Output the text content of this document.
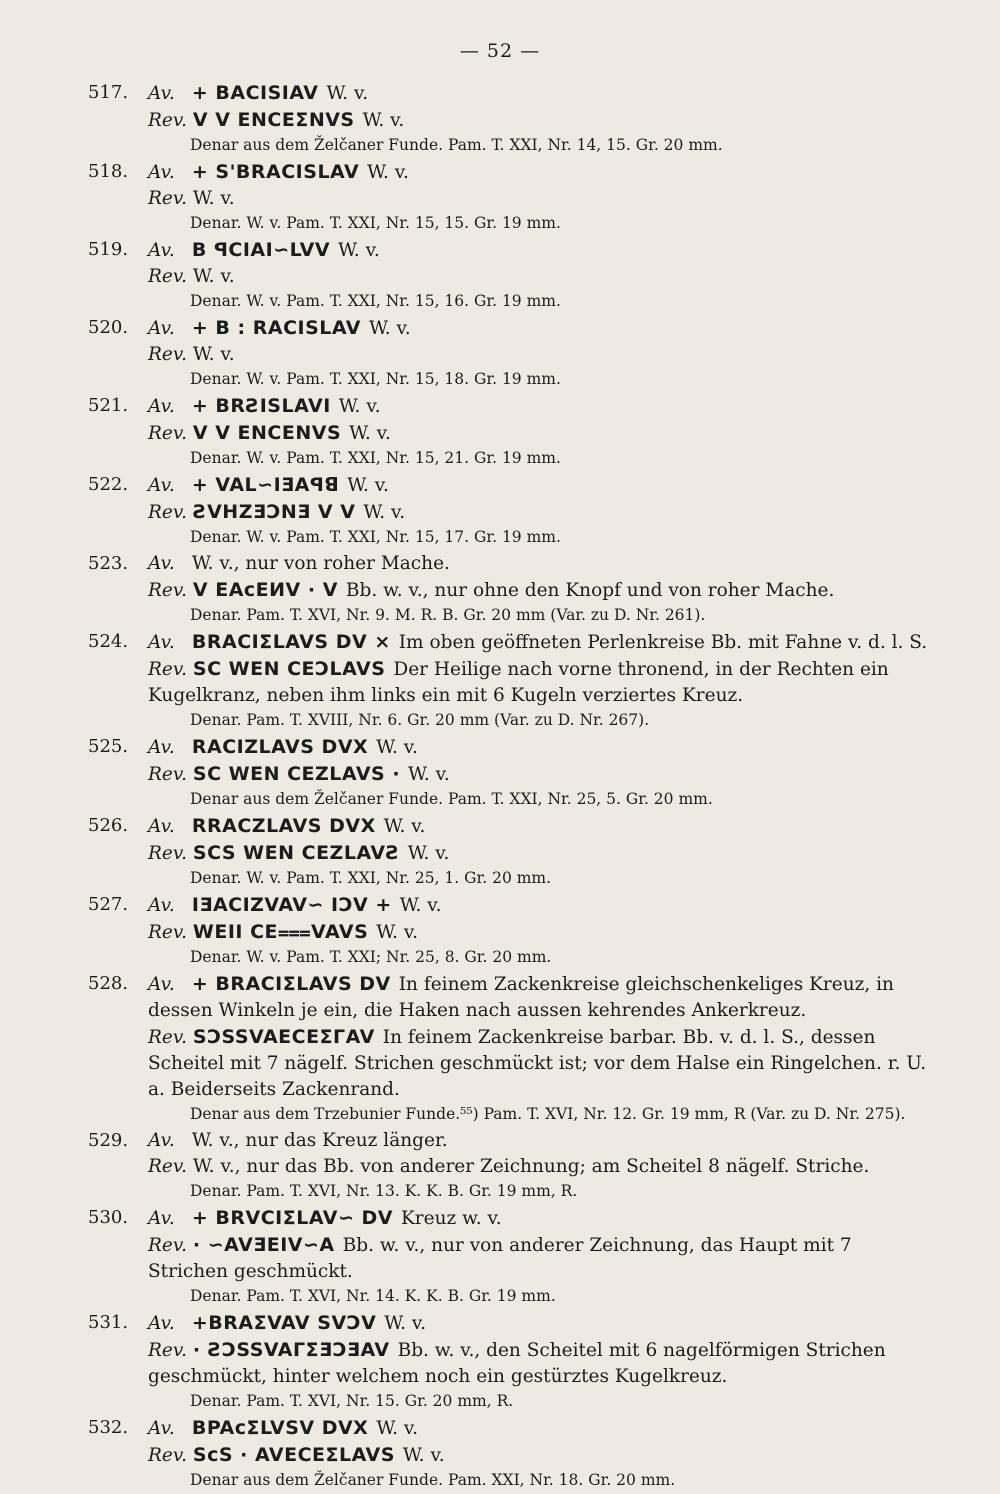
— 52 —
517.	Av. + BACISIAV W. v.
Rev. V V ENCEΣNVS W. v.
Denar aus dem Želčaner Funde. Pam. T. XXI, Nr. 14, 15. Gr. 20 mm.
518.	Av. + S'BRACISLAV W. v.
Rev. W. v.
Denar. W. v. Pam. T. XXI, Nr. 15, 15. Gr. 19 mm.
519.	Av. B ꟼCIAI∽LVV W. v.
Rev. W. v.
Denar. W. v. Pam. T. XXI, Nr. 15, 16. Gr. 19 mm.
520.	Av. + B : RACISLAV W. v.
Rev. W. v.
Denar. W. v. Pam. T. XXI, Nr. 15, 18. Gr. 19 mm.
521.	Av. + BRƧISLAVI W. v.
Rev. V V ENCENVS W. v.
Denar. W. v. Pam. T. XXI, Nr. 15, 21. Gr. 19 mm.
522.	Av. + VAL∽IƎAꟼꓭ W. v.
Rev. ƧVHZƎƆNƎ V V W. v.
Denar. W. v. Pam. T. XXI, Nr. 15, 17. Gr. 19 mm.
523.	Av. W. v., nur von roher Mache.
Rev. V EAcEИV · V Bb. w. v., nur ohne den Knopf und von roher Mache.
Denar. Pam. T. XVI, Nr. 9. M. R. B. Gr. 20 mm (Var. zu D. Nr. 261).
524.	Av. BRACIΣLAVS DV × Im oben geöffneten Perlenkreise Bb. mit Fahne v. d. l. S.
Rev. SC WEN CEƆLAVS Der Heilige nach vorne thronend, in der Rechten ein Kugelkranz, neben ihm links ein mit 6 Kugeln verziertes Kreuz.
Denar. Pam. T. XVIII, Nr. 6. Gr. 20 mm (Var. zu D. Nr. 267).
525.	Av. RACIZLAVS DVX W. v.
Rev. SC WEN CEZLAVS · W. v.
Denar aus dem Želčaner Funde. Pam. T. XXI, Nr. 25, 5. Gr. 20 mm.
526.	Av. RRACZLAVS DVX W. v.
Rev. SCS WEN CEZLAVƧ W. v.
Denar. W. v. Pam. T. XXI, Nr. 25, 1. Gr. 20 mm.
527.	Av. IƎACIZVAV∽ IƆV + W. v.
Rev. WEII CE⩶VAVS W. v.
Denar. W. v. Pam. T. XXI; Nr. 25, 8. Gr. 20 mm.
528.	Av. + BRACIΣLAVS DV In feinem Zackenkreise gleichschenkeliges Kreuz, in dessen Winkeln je ein, die Haken nach aussen kehrendes Ankerkreuz.
Rev. SƆSSVAECEΣΓAV In feinem Zackenkreise barbar. Bb. v. d. l. S., dessen Scheitel mit 7 nägelf. Strichen geschmückt ist; vor dem Halse ein Ringelchen. r. U. a. Beiderseits Zackenrand.
Denar aus dem Trzebunier Funde.⁵⁵) Pam. T. XVI, Nr. 12. Gr. 19 mm, R (Var. zu D. Nr. 275).
529.	Av. W. v., nur das Kreuz länger.
Rev. W. v., nur das Bb. von anderer Zeichnung; am Scheitel 8 nägelf. Striche.
Denar. Pam. T. XVI, Nr. 13. K. K. B. Gr. 19 mm, R.
530.	Av. + BRVCIΣLAV∽ DV Kreuz w. v.
Rev. · ∽AVƎEIV∽A Bb. w. v., nur von anderer Zeichnung, das Haupt mit 7 Strichen geschmückt.
Denar. Pam. T. XVI, Nr. 14. K. K. B. Gr. 19 mm.
531.	Av. +BRAΣVAV SVƆV W. v.
Rev. · ƧƆSSVAΓΣƎƆƎAV Bb. w. v., den Scheitel mit 6 nagelförmigen Strichen geschmückt, hinter welchem noch ein gestürztes Kugelkreuz.
Denar. Pam. T. XVI, Nr. 15. Gr. 20 mm, R.
532.	Av. BPAcΣLVSV DVX W. v.
Rev. ScS · AVECEΣLAVS W. v.
Denar aus dem Želčaner Funde. Pam. XXI, Nr. 18. Gr. 20 mm.
